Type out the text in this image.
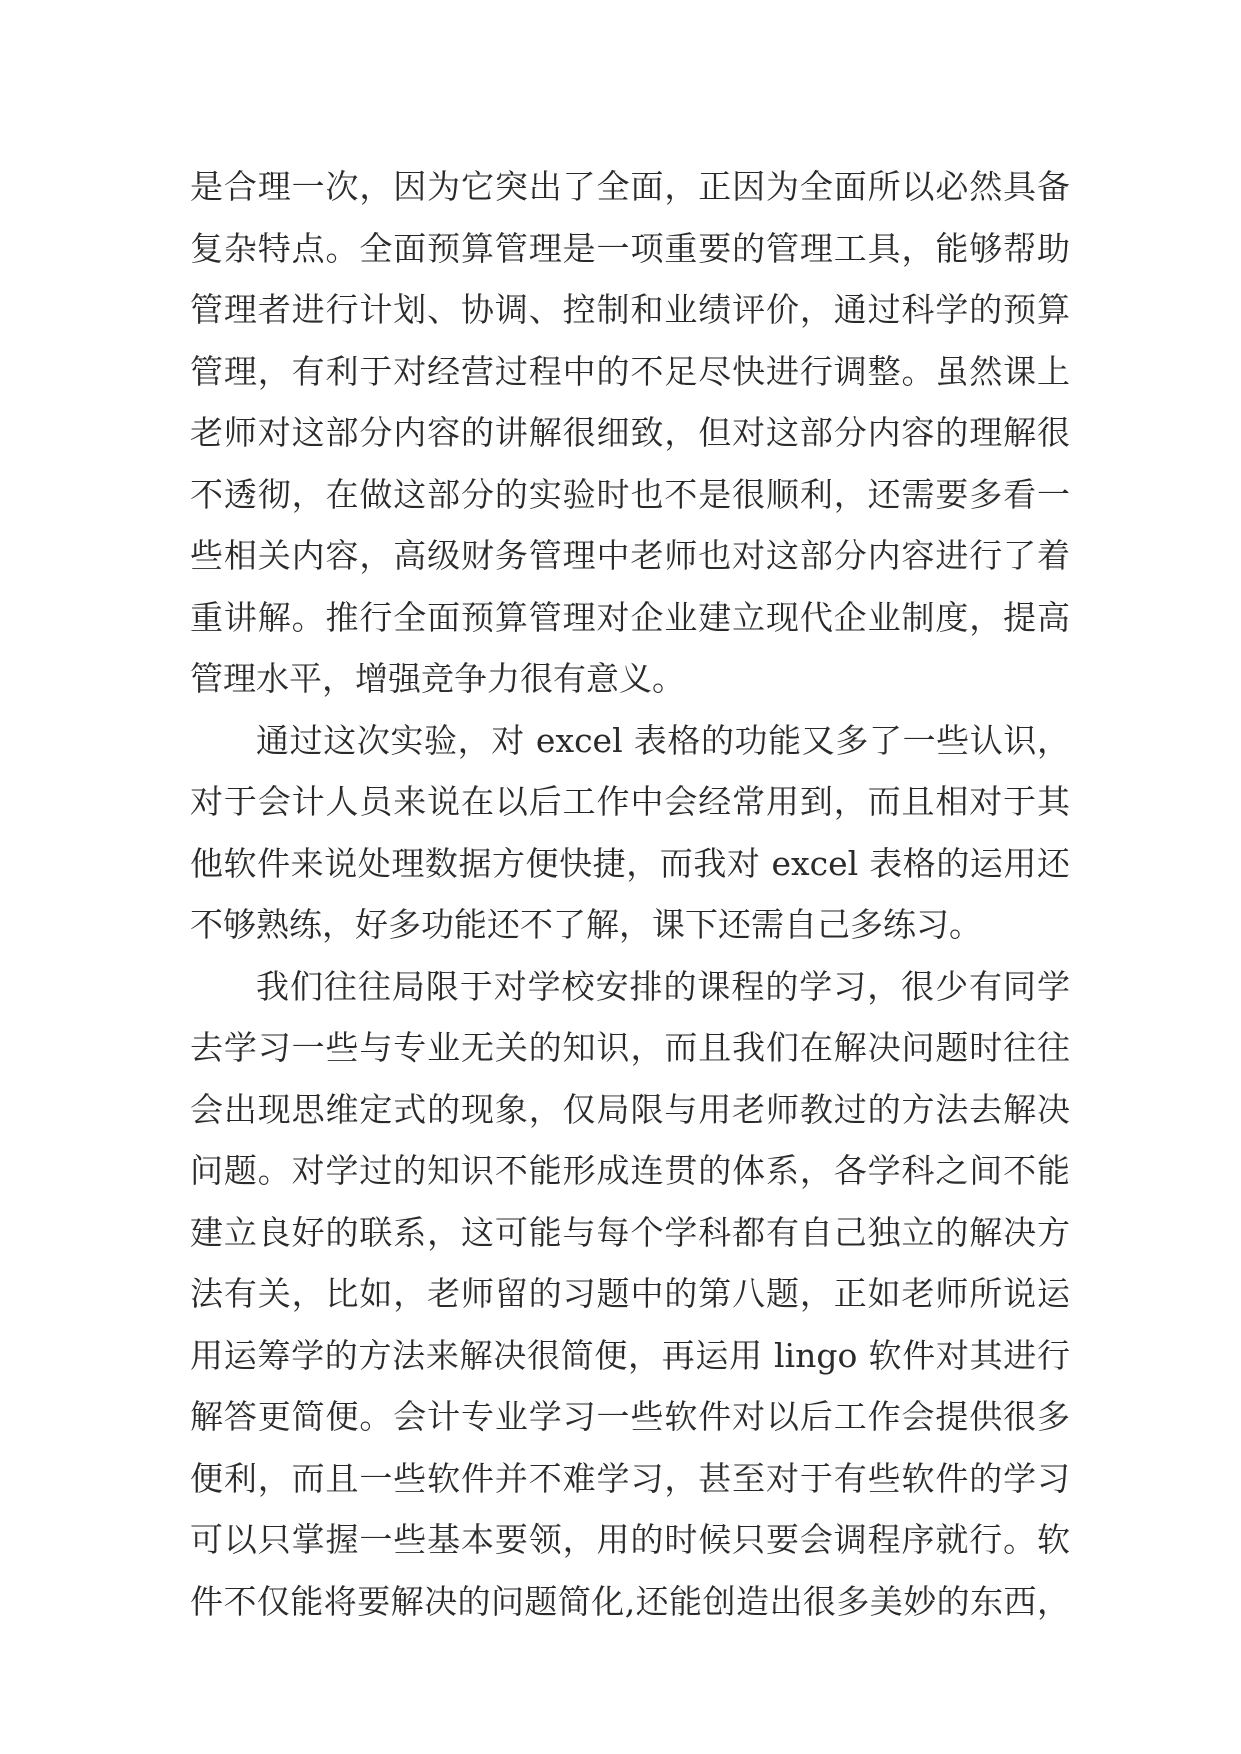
是合理一次，因为它突出了全面，正因为全面所以必然具备
复杂特点。全面预算管理是一项重要的管理工具，能够帮助
管理者进行计划、协调、控制和业绩评价，通过科学的预算
管理，有利于对经营过程中的不足尽快进行调整。虽然课上
老师对这部分内容的讲解很细致，但对这部分内容的理解很
不透彻，在做这部分的实验时也不是很顺利，还需要多看一
些相关内容，高级财务管理中老师也对这部分内容进行了着
重讲解。推行全面预算管理对企业建立现代企业制度，提高
管理水平，增强竞争力很有意义。
通过这次实验，对 excel 表格的功能又多了一些认识，
对于会计人员来说在以后工作中会经常用到，而且相对于其
他软件来说处理数据方便快捷，而我对 excel 表格的运用还
不够熟练，好多功能还不了解，课下还需自己多练习。
我们往往局限于对学校安排的课程的学习，很少有同学
去学习一些与专业无关的知识，而且我们在解决问题时往往
会出现思维定式的现象，仅局限与用老师教过的方法去解决
问题。对学过的知识不能形成连贯的体系，各学科之间不能
建立良好的联系，这可能与每个学科都有自己独立的解决方
法有关，比如，老师留的习题中的第八题，正如老师所说运
用运筹学的方法来解决很简便，再运用 lingo 软件对其进行
解答更简便。会计专业学习一些软件对以后工作会提供很多
便利，而且一些软件并不难学习，甚至对于有些软件的学习
可以只掌握一些基本要领，用的时候只要会调程序就行。软
件不仅能将要解决的问题简化,还能创造出很多美妙的东西，
